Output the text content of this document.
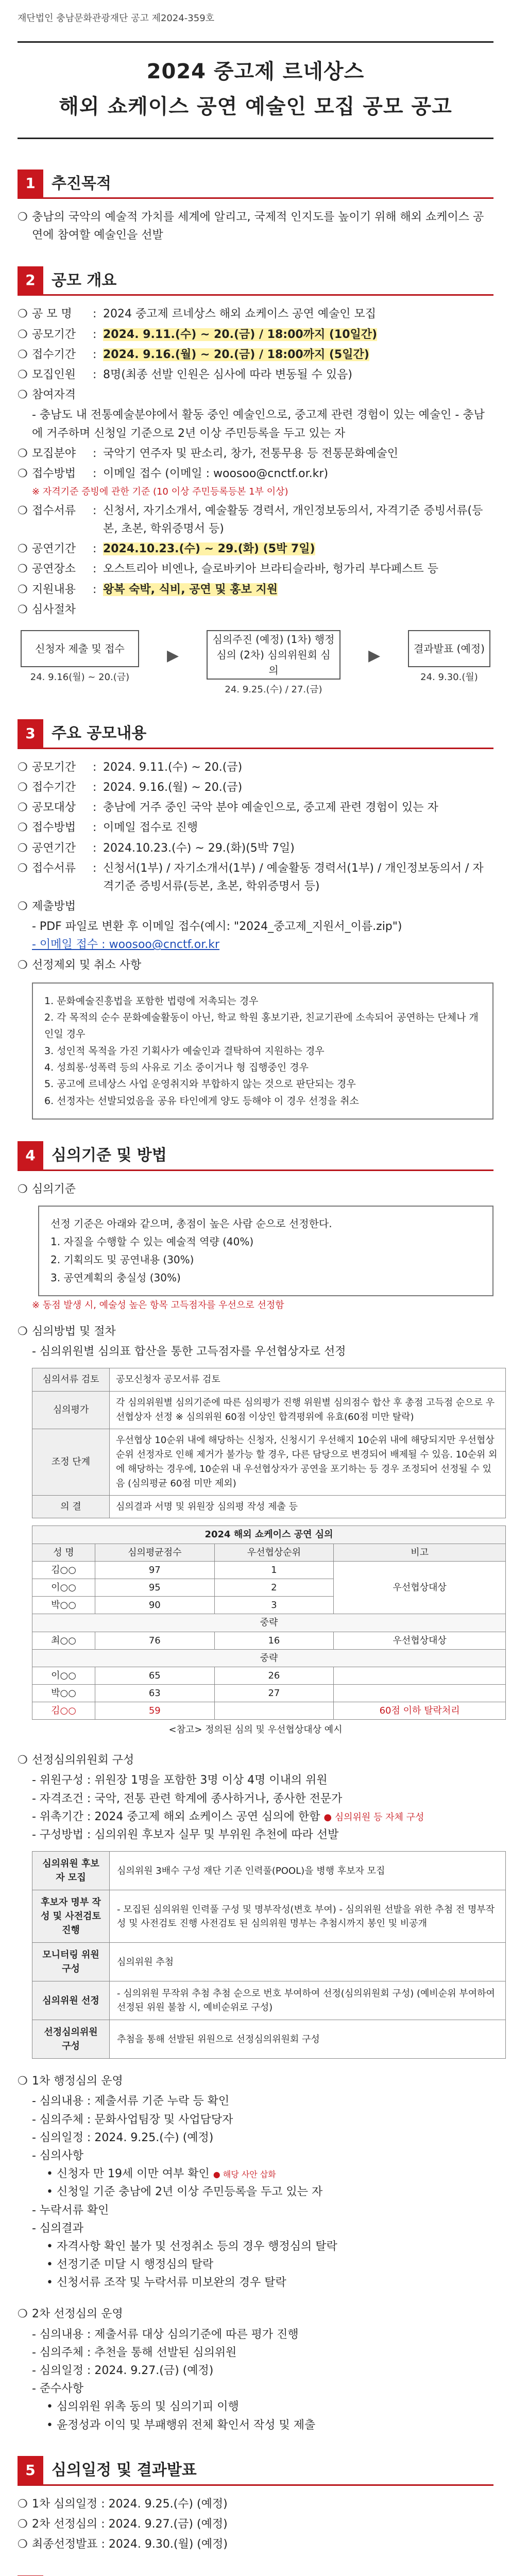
재단법인 충남문화관광재단 공고 제2024-359호
2024 중고제 르네상스
해외 쇼케이스 공연 예술인 모집 공모 공고
1	추진목적
❍ 충남의 국악의 예술적 가치를 세계에 알리고, 국제적 인지도를 높이기 위해 해외 쇼케이스 공연에 참여할 예술인을 선발
2	공모 개요
❍ 공 모 명	: 2024 중고제 르네상스 해외 쇼케이스 공연 예술인 모집
❍ 공모기간	: 2024. 9.11.(수) ~ 20.(금) / 18:00까지 (10일간)
❍ 접수기간	: 2024. 9.16.(월) ~ 20.(금) / 18:00까지 (5일간)
❍ 모집인원	: 8명(최종 선발 인원은 심사에 따라 변동될 수 있음)
❍ 참여자격
- 충남도 내 전통예술분야에서 활동 중인 예술인으로, 중고제 관련 경험이 있는 예술인 - 충남에 거주하며 신청일 기준으로 2년 이상 주민등록을 두고 있는 자
❍ 모집분야	: 국악기 연주자 및 판소리, 창가, 전통무용 등 전통문화예술인
❍ 접수방법	: 이메일 접수 (이메일 : woosoo@cnctf.or.kr)
※ 자격기준 증빙에 관한 기준 (10 이상 주민등록등본 1부 이상)
❍ 접수서류	: 신청서, 자기소개서, 예술활동 경력서, 개인정보동의서, 자격기준 증빙서류(등본, 초본, 학위증명서 등)
❍ 공연기간	: 2024.10.23.(수) ~ 29.(화) (5박 7일)
❍ 공연장소	: 오스트리아 비엔나, 슬로바키아 브라티슬라바, 헝가리 부다페스트 등
❍ 지원내용	: 왕복 숙박, 식비, 공연 및 홍보 지원
❍ 심사절차
신청자 제출 및 접수
24. 9.16(월) ~ 20.(금)
▶
심의주진 (예정) (1차) 행정심의 (2차) 심의위원회 심의
24. 9.25.(수) / 27.(금)
▶	결과발표 (예정)
24. 9.30.(월)
3	주요 공모내용
❍ 공모기간	: 2024. 9.11.(수) ~ 20.(금)
❍ 접수기간	: 2024. 9.16.(월) ~ 20.(금)
❍ 공모대상	: 충남에 거주 중인 국악 분야 예술인으로, 중고제 관련 경험이 있는 자
❍ 접수방법	: 이메일 접수로 진행
❍ 공연기간	: 2024.10.23.(수) ~ 29.(화)(5박 7일)
❍ 접수서류	: 신청서(1부) / 자기소개서(1부) / 예술활동 경력서(1부) / 개인정보동의서 / 자격기준 증빙서류(등본, 초본, 학위증명서 등)
❍ 제출방법
- PDF 파일로 변환 후 이메일 접수(예시: "2024_중고제_지원서_이름.zip")
- 이메일 접수 : woosoo@cnctf.or.kr
❍ 선정제외 및 취소 사항
1. 문화예술진흥법을 포함한 법령에 저촉되는 경우
2. 각 목적의 순수 문화예술활동이 아닌, 학교 학원 홍보기관, 친교기관에 소속되어 공연하는 단체나 개인일 경우
3. 성인적 목적을 가진 기획사가 예술인과 결탁하여 지원하는 경우
4. 성희롱·성폭력 등의 사유로 기소 중이거나 형 집행중인 경우
5. 공고에 르네상스 사업 운영취지와 부합하지 않는 것으로 판단되는 경우
6. 선정자는 선발되었음을 공유 타인에게 양도 등해야 이 경우 선정을 취소
4	심의기준 및 방법
❍ 심의기준
선정 기준은 아래와 같으며, 총점이 높은 사람 순으로 선정한다.
1. 자질을 수행할 수 있는 예술적 역량 (40%)
2. 기획의도 및 공연내용 (30%)
3. 공연계획의 충실성 (30%)
※ 동점 발생 시, 예술성 높은 항목 고득점자를 우선으로 선정함
❍ 심의방법 및 절차
- 심의위원별 심의표 합산을 통한 고득점자를 우선협상자로 선정
심의서류 검토	공모신청자 공모서류 검토
심의평가	각 심의위원별 심의기준에 따른 심의평가 진행 위원별 심의점수 합산 후 총점 고득점 순으로 우선협상자 선정 ※ 심의위원 60점 이상인 합격평위에 유효(60점 미만 탈락)
조정 단계	우선협상 10순위 내에 해당하는 신청자, 신청시기 우선해지 10순위 내에 해당되지만 우선협상순위 선정자로 인해 제거가 불가능 할 경우, 다른 담당으로 변경되어 배제될 수 있음. 10순위 외에 해당하는 경우에, 10순위 내 우선협상자가 공연을 포기하는 등 경우 조정되어 선정될 수 있음 (심의평균 60점 미만 제외)
의 결	심의결과 서명 및 위원장 심의평 작성 제출 등
2024 해외 쇼케이스 공연 심의			
성 명	심의평균점수	우선협상순위	비고
김○○	97	1	우선협상대상
이○○	95	2	
박○○	90	3	
중략			
최○○	76	16	우선협상대상
중략			
이○○	65	26	
박○○	63	27	
김○○	59		60점 이하 탈락처리
<참고> 정의된 심의 및 우선협상대상 예시
❍ 선정심의위원회 구성
- 위원구성 : 위원장 1명을 포함한 3명 이상 4명 이내의 위원
- 자격조건 : 국악, 전통 관련 학계에 종사하거나, 종사한 전문가
- 위촉기간 : 2024 중고제 해외 쇼케이스 공연 심의에 한함 ● 심의위원 등 자체 구성
- 구성방법 : 심의위원 후보자 실무 및 부위원 추천에 따라 선발
심의위원 후보자 모집	심의위원 3배수 구성 재단 기존 인력풀(POOL)을 병행 후보자 모집
후보자 명부 작성 및 사전검토 진행	- 모집된 심의위원 인력풀 구성 및 명부작성(변호 부여) - 심의위원 선발을 위한 추첨 전 명부작성 및 사전검토 진행 사전검토 된 심의위원 명부는 추첨시까지 봉인 및 비공개
모니터링 위원구성	심의위원 추첨
심의위원 선정	- 심의위원 무작위 추첨 추첨 순으로 번호 부여하여 선정(심의위원회 구성) (예비순위 부여하여 선정된 위원 불참 시, 예비순위로 구성)
선정심의위원 구성	추첨을 통해 선발된 위원으로 선정심의위원회 구성
❍ 1차 행정심의 운영
- 심의내용 : 제출서류 기준 누락 등 확인
- 심의주체 : 문화사업팀장 및 사업담당자
- 심의일정 : 2024. 9.25.(수) (예정)
- 심의사항
• 신청자 만 19세 이만 여부 확인 ● 해당 사안 삽화
• 신청일 기준 충남에 2년 이상 주민등록을 두고 있는 자
- 누락서류 확인
- 심의결과
• 자격사항 확인 불가 및 선정취소 등의 경우 행정심의 탈락
• 선정기준 미달 시 행정심의 탈락
• 신청서류 조작 및 누락서류 미보완의 경우 탈락
❍ 2차 선정심의 운영
- 심의내용 : 제출서류 대상 심의기준에 따른 평가 진행
- 심의주체 : 추천을 통해 선발된 심의위원
- 심의일정 : 2024. 9.27.(금) (예정)
- 준수사항
• 심의위원 위촉 동의 및 심의기피 이행
• 윤정성과 이익 및 부패행위 전체 확인서 작성 및 제출
5	심의일정 및 결과발표
❍ 1차 심의일정 : 2024. 9.25.(수) (예정)
❍ 2차 선정심의 : 2024. 9.27.(금) (예정)
❍ 최종선정발표 : 2024. 9.30.(월) (예정)
